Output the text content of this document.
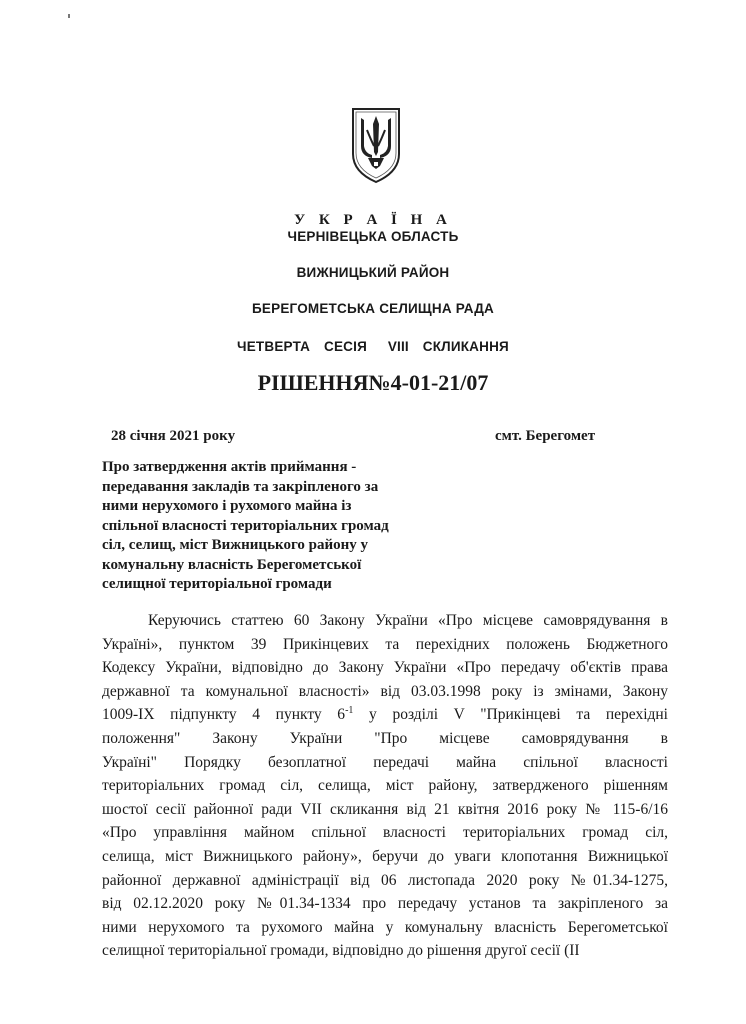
У К Р А Ї Н А
ЧЕРНІВЕЦЬКА ОБЛАСТЬ
ВИЖНИЦЬКИЙ РАЙОН
БЕРЕГОМЕТСЬКА СЕЛИЩНА РАДА
ЧЕТВЕРТА  СЕСІЯ   VIII  СКЛИКАННЯ
РІШЕННЯ№4-01-21/07
28 січня 2021 року	смт. Берегомет
Про затвердження актів приймання -
передавання закладів та закріпленого за
ними нерухомого і рухомого майна із
спільної власності територіальних громад
сіл, селищ, міст Вижницького району у
комунальну власність Берегометської
селищної територіальної громади
Керуючись статтею 60 Закону України «Про місцеве самоврядування в
Україні», пунктом 39 Прикінцевих та перехідних положень Бюджетного
Кодексу України, відповідно до Закону України «Про передачу об'єктів права
державної та комунальної власності» від 03.03.1998 року із змінами, Закону
1009-ІХ підпункту 4 пункту $6^{-1}$ у розділі V "Прикінцеві та перехідні
положення"  Закону  України  "Про  місцеве  самоврядування  в
Україні"  Порядку  безоплатної  передачі  майна  спільної  власності
територіальних громад сіл, селища, міст району, затвердженого рішенням
шостої сесії районної ради VII скликання від 21 квітня 2016 року № 115-6/16
«Про управління майном спільної власності територіальних громад сіл,
селища, міст Вижницького району», беручи до уваги клопотання Вижницької
районної державної адміністрації від 06 листопада 2020 року №01.34-1275,
від 02.12.2020 року №01.34-1334 про передачу установ та закріпленого за
ними нерухомого та рухомого майна у комунальну власність Берегометської
селищної територіальної громади, відповідно до рішення другої сесії (II
